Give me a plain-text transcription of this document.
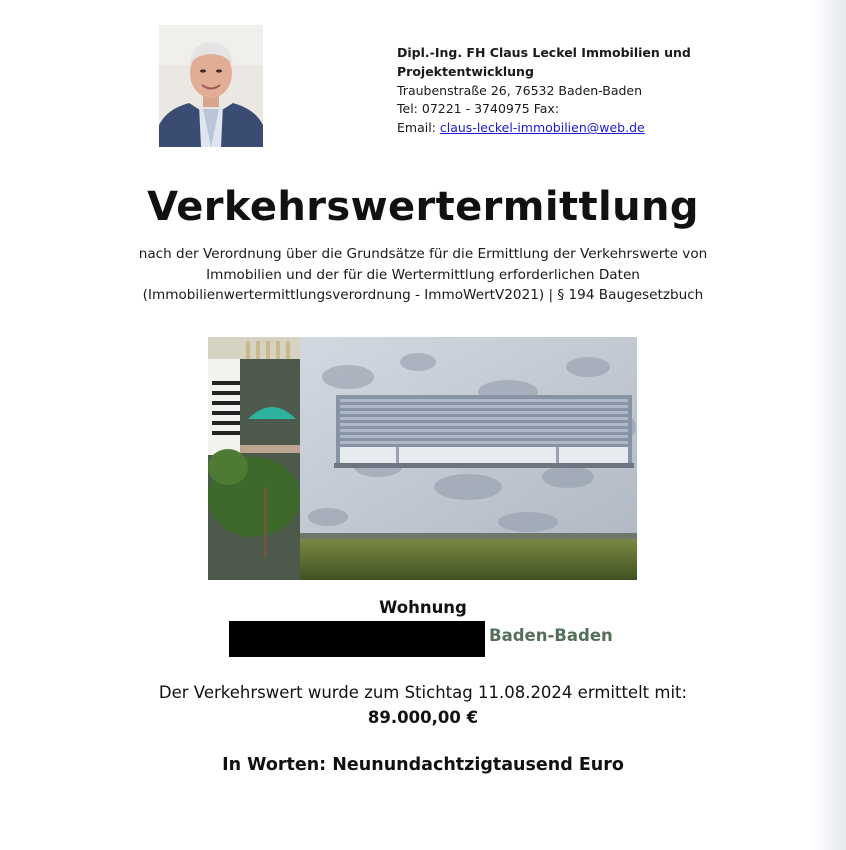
Dipl.-Ing. FH Claus Leckel Immobilien und
Projektentwicklung
Traubenstraße 26, 76532 Baden-Baden
Tel: 07221 - 3740975 Fax:
Email: claus-leckel-immobilien@web.de
Verkehrswertermittlung
nach der Verordnung über die Grundsätze für die Ermittlung der Verkehrswerte von
Immobilien und der für die Wertermittlung erforderlichen Daten
(Immobilienwertermittlungsverordnung - ImmoWertV2021) | § 194 Baugesetzbuch
Wohnung
Baden-Baden
Der Verkehrswert wurde zum Stichtag 11.08.2024 ermittelt mit:
89.000,00 €
In Worten: Neunundachtzigtausend Euro
